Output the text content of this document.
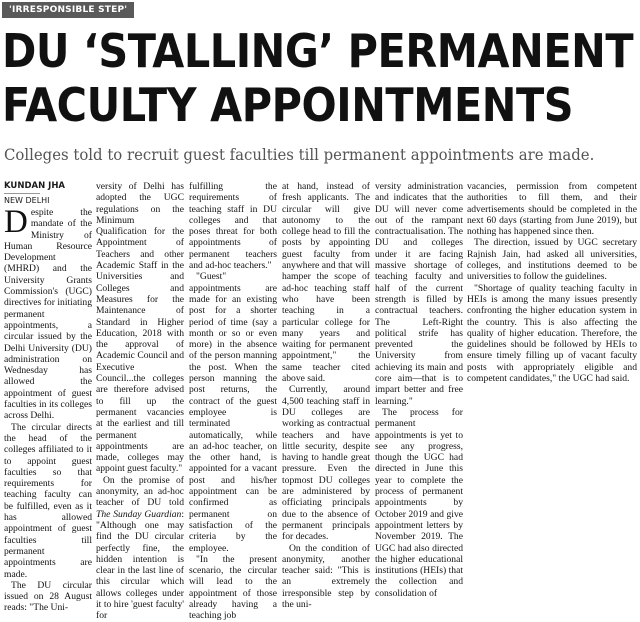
'IRRESPONSIBLE STEP'
DU ‘STALLING’ PERMANENT
FACULTY APPOINTMENTS

Colleges told to recruit guest faculties till permanent appointments are made.

KUNDAN JHA
NEW DELHI

Despite the mandate of the Ministry of Human Resource Development (MHRD) and the University Grants Commission's (UGC) directives for initiating permanent appointments, a circular issued by the Delhi University (DU) administration on Wednesday has allowed the appointment of guest faculties in its colleges across Delhi.

The circular directs the head of the colleges affiliated to it to appoint guest faculties so that requirements for teaching faculty can be fulfilled, even as it has allowed appointment of guest faculties till permanent appointments are made.

The DU circular issued on 28 August reads: "The Uni-

versity of Delhi has adopted the UGC regulations on the Minimum Qualification for the Appointment of Teachers and other Academic Staff in the Universities and Colleges and Measures for the Maintenance of Standard in Higher Education, 2018 with the approval of Academic Council and Executive Council...the colleges are therefore advised to fill up the permanent vacancies at the earliest and till permanent appointments are made, colleges may appoint guest faculty."

On the promise of anonymity, an ad-hoc teacher of DU told The Sunday Guardian: "Although one may find the DU circular perfectly fine, the hidden intention is clear in the last line of this circular which allows colleges under it to hire 'guest faculty' for

fulfilling the requirements of teaching staff in DU colleges and that poses threat for both appointments of permanent teachers and ad-hoc teachers."

"Guest" appointments are made for an existing post for a shorter period of time (say a month or so or even more) in the absence of the person manning the post. When the person manning the post returns, the contract of the guest employee is terminated automatically, while an ad-hoc teacher, on the other hand, is appointed for a vacant post and his/her appointment can be confirmed as permanent on satisfaction of the criteria by the employee.

"In the present scenario, the circular will lead to the appointment of those already having a teaching job

at hand, instead of fresh applicants. The circular will give autonomy to the college head to fill the posts by appointing guest faculty from anywhere and that will hamper the scope of ad-hoc teaching staff who have been teaching in a particular college for many years and waiting for permanent appointment," the same teacher cited above said.

Currently, around 4,500 teaching staff in DU colleges are working as contractual teachers and have little security, despite having to handle great pressure. Even the topmost DU colleges are administered by officiating principals due to the absence of permanent principals for decades.

On the condition of anonymity, another teacher said: "This is an extremely irresponsible step by the uni-

versity administration and indicates that the DU will never come out of the rampant contractualisation. The DU and colleges under it are facing massive shortage of teaching faculty and half of the current strength is filled by contractual teachers. The Left-Right political strife has prevented the University from achieving its main and core aim—that is to impart better and free learning."

The process for permanent appointments is yet to see any progress, though the UGC had directed in June this year to complete the process of permanent appointments by October 2019 and give appointment letters by November 2019. The UGC had also directed the higher educational institutions (HEIs) that the collection and consolidation of

vacancies, permission from competent authorities to fill them, and their advertisements should be completed in the next 60 days (starting from June 2019), but nothing has happened since then.

The direction, issued by UGC secretary Rajnish Jain, had asked all universities, colleges, and institutions deemed to be universities to follow the guidelines.

"Shortage of quality teaching faculty in HEIs is among the many issues presently confronting the higher education system in the country. This is also affecting the quality of higher education. Therefore, the guidelines should be followed by HEIs to ensure timely filling up of vacant faculty posts with appropriately eligible and competent candidates," the UGC had said.
